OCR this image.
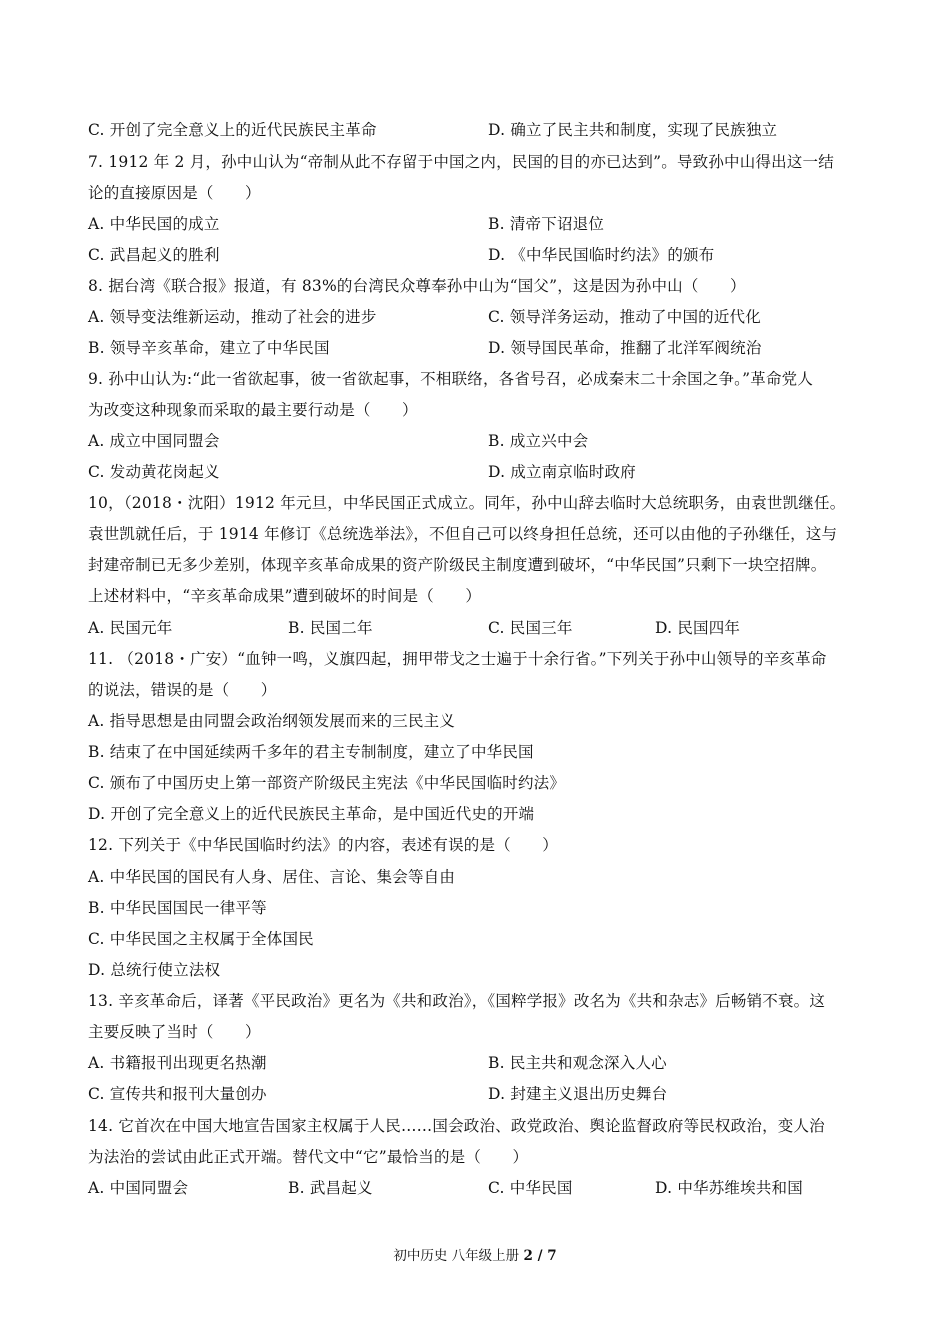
C. 开创了完全意义上的近代民族民主革命	D. 确立了民主共和制度，实现了民族独立
7. 1912 年 2 月，孙中山认为“帝制从此不存留于中国之内，民国的目的亦已达到”。导致孙中山得出这一结
论的直接原因是（　　）
A. 中华民国的成立	B. 清帝下诏退位
C. 武昌起义的胜利	D. 《中华民国临时约法》的颁布
8. 据台湾《联合报》报道，有 83%的台湾民众尊奉孙中山为“国父”，这是因为孙中山（　　）
A. 领导变法维新运动，推动了社会的进步	C. 领导洋务运动，推动了中国的近代化
B. 领导辛亥革命，建立了中华民国	D. 领导国民革命，推翻了北洋军阀统治
9. 孙中山认为:“此一省欲起事，彼一省欲起事，不相联络，各省号召，必成秦末二十余国之争。”革命党人
为改变这种现象而采取的最主要行动是（　　）
A. 成立中国同盟会	B. 成立兴中会
C. 发动黄花岗起义	D. 成立南京临时政府
10，（2018・沈阳）1912 年元旦，中华民国正式成立。同年，孙中山辞去临时大总统职务，由袁世凯继任。
袁世凯就任后，于 1914 年修订《总统选举法》，不但自己可以终身担任总统，还可以由他的子孙继任，这与
封建帝制已无多少差别，体现辛亥革命成果的资产阶级民主制度遭到破坏，“中华民国”只剩下一块空招牌。
上述材料中，“辛亥革命成果”遭到破坏的时间是（　　）
A. 民国元年	B. 民国二年	C. 民国三年	D. 民国四年
11. （2018・广安）“血钟一鸣，义旗四起，拥甲带戈之士遍于十余行省。”下列关于孙中山领导的辛亥革命
的说法，错误的是（　　）
A. 指导思想是由同盟会政治纲领发展而来的三民主义
B. 结束了在中国延续两千多年的君主专制制度，建立了中华民国
C. 颁布了中国历史上第一部资产阶级民主宪法《中华民国临时约法》
D. 开创了完全意义上的近代民族民主革命，是中国近代史的开端
12. 下列关于《中华民国临时约法》的内容，表述有误的是（　　）
A. 中华民国的国民有人身、居住、言论、集会等自由
B. 中华民国国民一律平等
C. 中华民国之主权属于全体国民
D. 总统行使立法权
13. 辛亥革命后，译著《平民政治》更名为《共和政治》，《国粹学报》改名为《共和杂志》后畅销不衰。这
主要反映了当时（　　）
A. 书籍报刊出现更名热潮	B. 民主共和观念深入人心
C. 宣传共和报刊大量创办	D. 封建主义退出历史舞台
14. 它首次在中国大地宣告国家主权属于人民……国会政治、政党政治、舆论监督政府等民权政治，变人治
为法治的尝试由此正式开端。替代文中“它”最恰当的是（　　）
A. 中国同盟会	B. 武昌起义	C. 中华民国	D. 中华苏维埃共和国
初中历史 八年级上册 2 / 7
